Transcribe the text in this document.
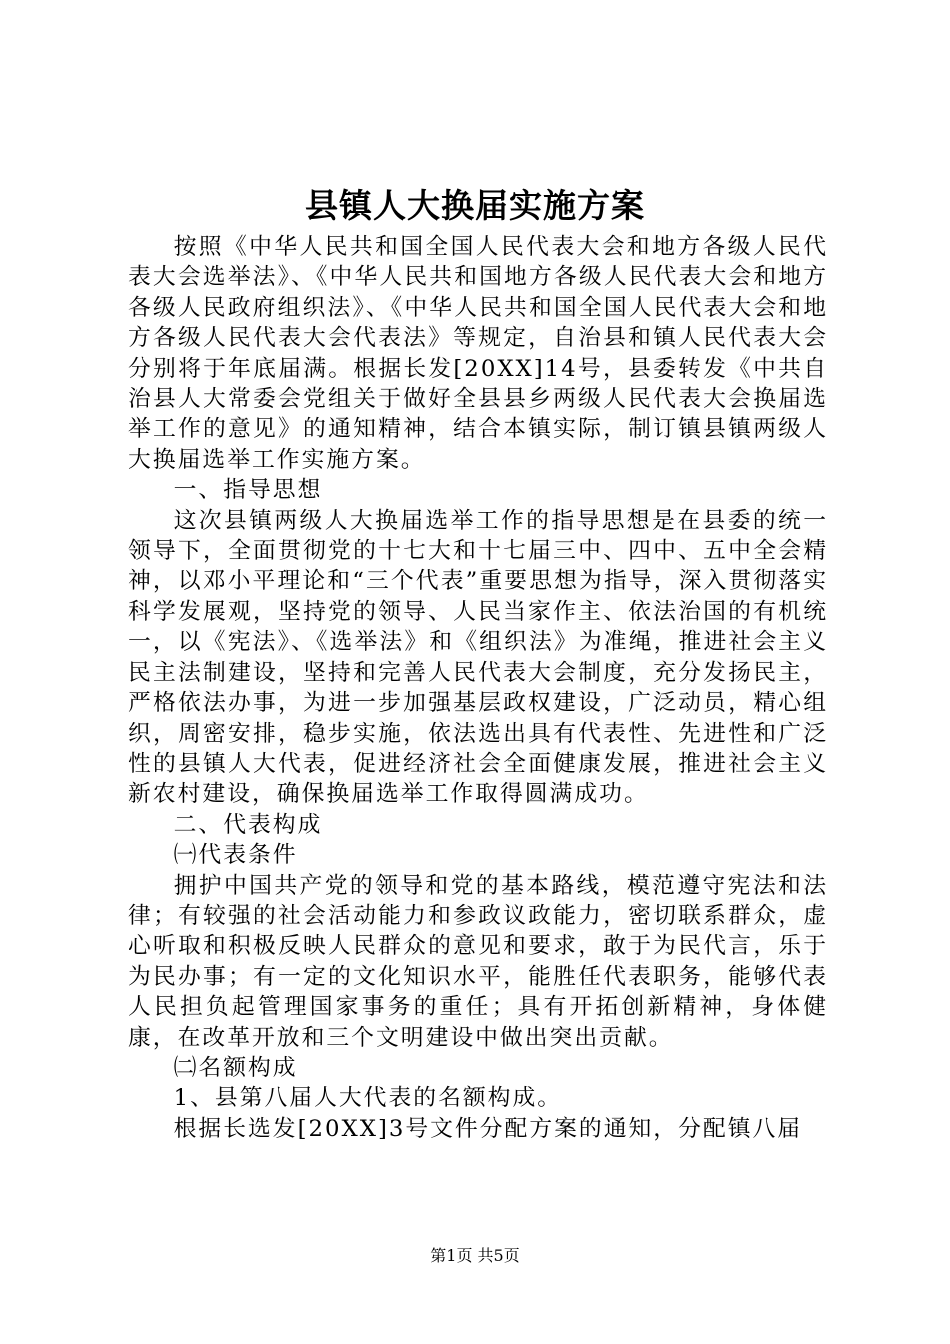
县镇人大换届实施方案

按照《中华人民共和国全国人民代表大会和地方各级人民代表大会选举法》、《中华人民共和国地方各级人民代表大会和地方各级人民政府组织法》、《中华人民共和国全国人民代表大会和地方各级人民代表大会代表法》等规定，自治县和镇人民代表大会分别将于年底届满。根据长发[20XX]14号，县委转发《中共自治县人大常委会党组关于做好全县县乡两级人民代表大会换届选举工作的意见》的通知精神，结合本镇实际，制订镇县镇两级人大换届选举工作实施方案。

一、指导思想

这次县镇两级人大换届选举工作的指导思想是在县委的统一领导下，全面贯彻党的十七大和十七届三中、四中、五中全会精神，以邓小平理论和“三个代表”重要思想为指导，深入贯彻落实科学发展观，坚持党的领导、人民当家作主、依法治国的有机统一，以《宪法》、《选举法》和《组织法》为准绳，推进社会主义民主法制建设，坚持和完善人民代表大会制度，充分发扬民主，严格依法办事，为进一步加强基层政权建设，广泛动员，精心组织，周密安排，稳步实施，依法选出具有代表性、先进性和广泛性的县镇人大代表，促进经济社会全面健康发展，推进社会主义新农村建设，确保换届选举工作取得圆满成功。

二、代表构成

㈠代表条件

拥护中国共产党的领导和党的基本路线，模范遵守宪法和法律；有较强的社会活动能力和参政议政能力，密切联系群众，虚心听取和积极反映人民群众的意见和要求，敢于为民代言，乐于为民办事；有一定的文化知识水平，能胜任代表职务，能够代表人民担负起管理国家事务的重任；具有开拓创新精神，身体健康，在改革开放和三个文明建设中做出突出贡献。

㈡名额构成

1、县第八届人大代表的名额构成。

根据长选发[20XX]3号文件分配方案的通知，分配镇八届

第1页 共5页
